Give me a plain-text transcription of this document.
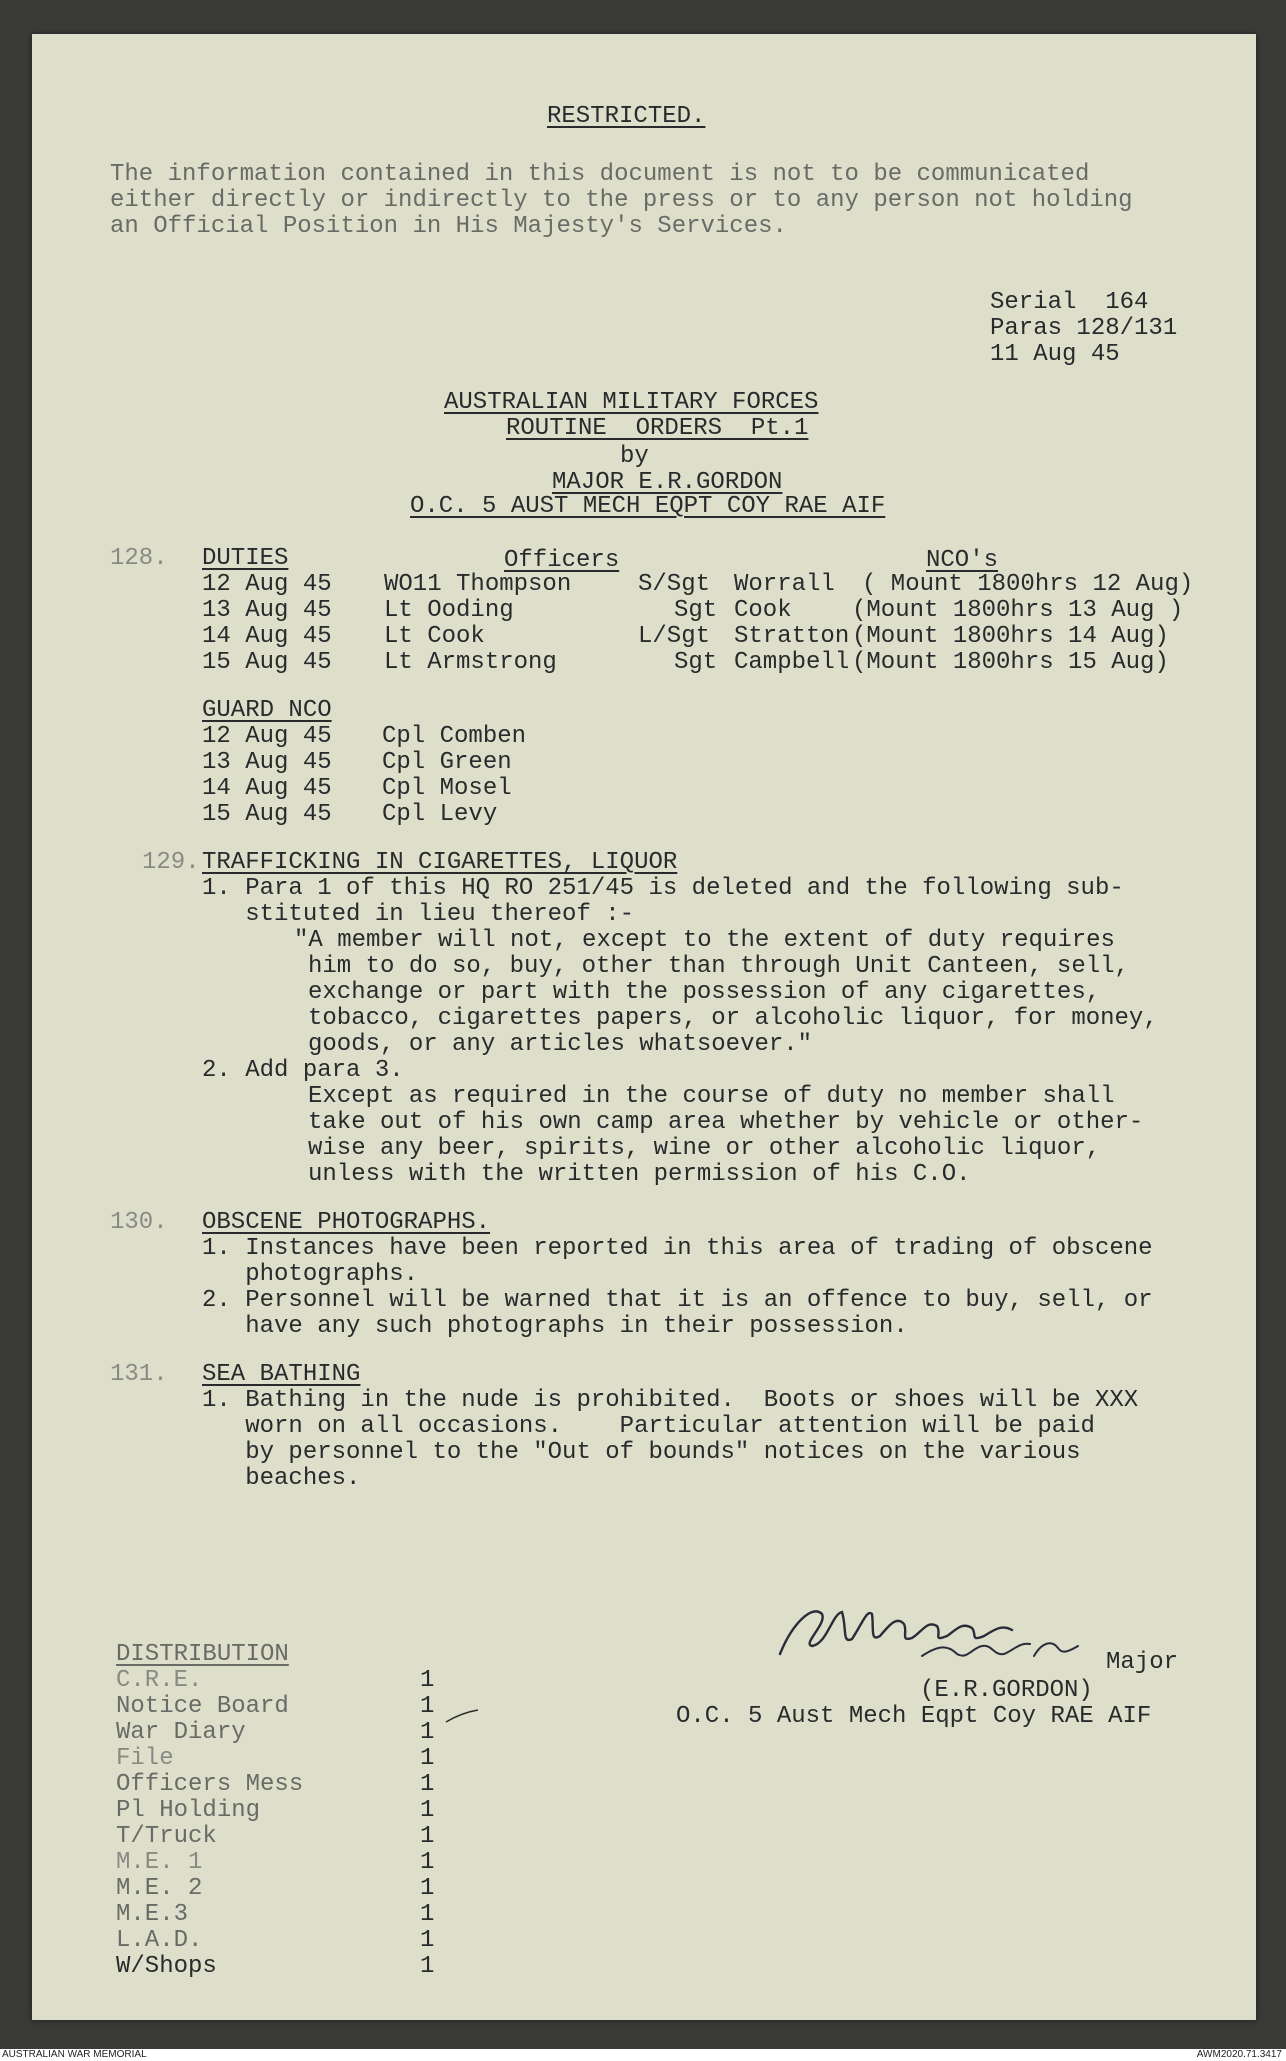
RESTRICTED.
The information contained in this document is not to be communicated
either directly or indirectly to the press or to any person not holding
an Official Position in His Majesty's Services.
Serial  164
Paras 128/131
11 Aug 45
AUSTRALIAN MILITARY FORCES
ROUTINE  ORDERS  Pt.1
by
MAJOR E.R.GORDON
O.C. 5 AUST MECH EQPT COY RAE AIF
128. DUTIES	Officers	NCO's
12 Aug 45 WO11 Thompson	S/Sgt Worrall ( Mount 1800hrs 12 Aug)
13 Aug 45 Lt Ooding	Sgt Cook	(Mount 1800hrs 13 Aug )
14 Aug 45 Lt Cook	L/Sgt Stratton (Mount 1800hrs 14 Aug)
15 Aug 45 Lt Armstrong	Sgt Campbell (Mount 1800hrs 15 Aug)
GUARD NCO
12 Aug 45 Cpl Comben
13 Aug 45 Cpl Green
14 Aug 45 Cpl Mosel
15 Aug 45 Cpl Levy
129. TRAFFICKING IN CIGARETTES, LIQUOR
1. Para 1 of this HQ RO 251/45 is deleted and the following sub-
stituted in lieu thereof :-
"A member will not, except to the extent of duty requires
him to do so, buy, other than through Unit Canteen, sell,
exchange or part with the possession of any cigarettes,
tobacco, cigarettes papers, or alcoholic liquor, for money,
goods, or any articles whatsoever."
2. Add para 3.
Except as required in the course of duty no member shall
take out of his own camp area whether by vehicle or other-
wise any beer, spirits, wine or other alcoholic liquor,
unless with the written permission of his C.O.
130. OBSCENE PHOTOGRAPHS.
1. Instances have been reported in this area of trading of obscene
photographs.
2. Personnel will be warned that it is an offence to buy, sell, or
have any such photographs in their possession.
131. SEA BATHING
1. Bathing in the nude is prohibited.  Boots or shoes will be XXX
worn on all occasions.    Particular attention will be paid
by personnel to the "Out of bounds" notices on the various
beaches.
Major
(E.R.GORDON)
O.C. 5 Aust Mech Eqpt Coy RAE AIF
DISTRIBUTION
C.R.E.	1
Notice Board	1
War Diary	1
File	1
Officers Mess	1
Pl Holding	1
T/Truck	1
M.E. 1	1
M.E. 2	1
M.E.3	1
L.A.D.	1
W/Shops	1
AUSTRALIAN WAR MEMORIAL	AWM2020.71.3417
